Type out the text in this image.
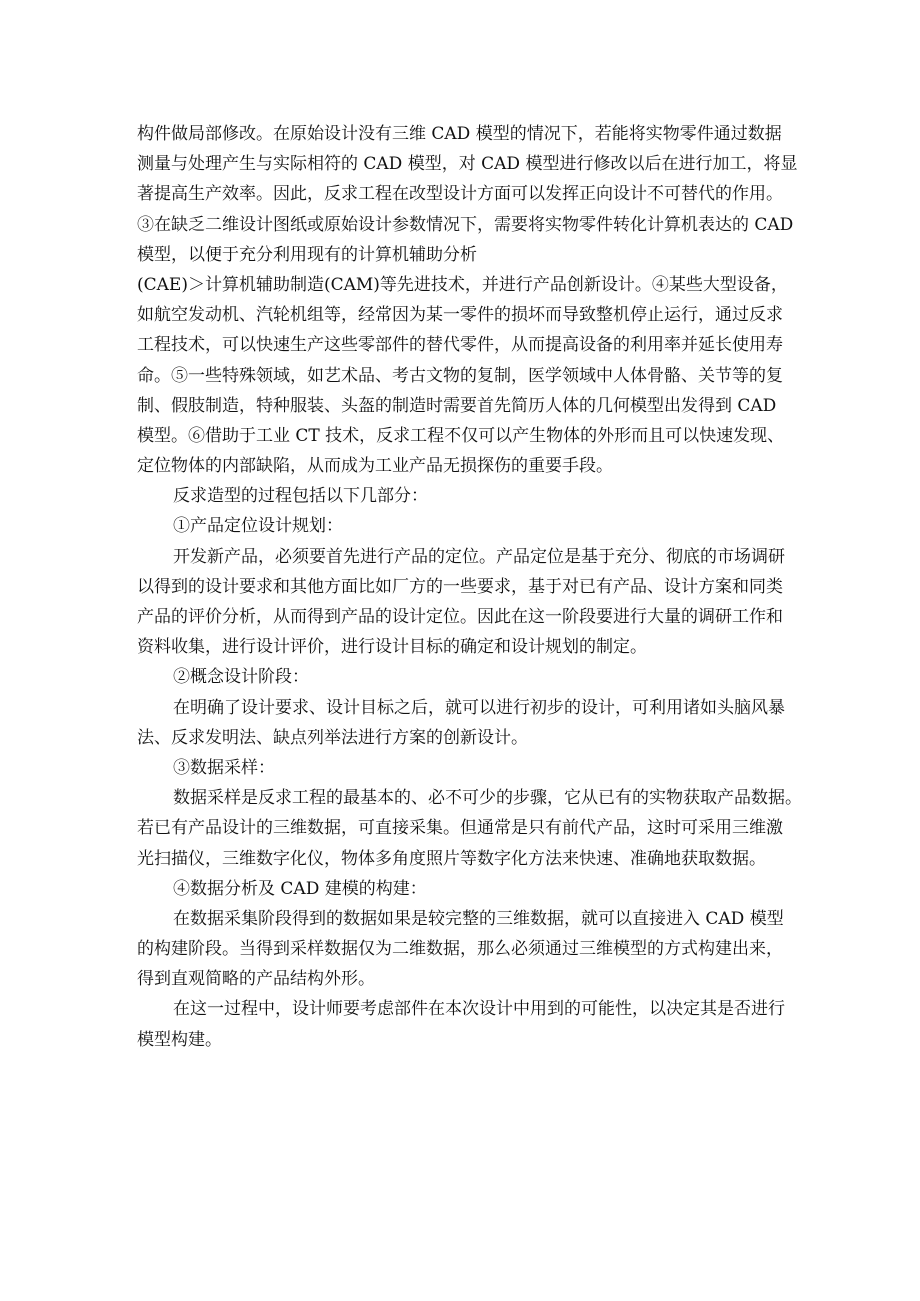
构件做局部修改。在原始设计没有三维 CAD 模型的情况下，若能将实物零件通过数据
测量与处理产生与实际相符的 CAD 模型，对 CAD 模型进行修改以后在进行加工，将显
著提高生产效率。因此，反求工程在改型设计方面可以发挥正向设计不可替代的作用。
③在缺乏二维设计图纸或原始设计参数情况下，需要将实物零件转化计算机表达的 CAD
模型，以便于充分利用现有的计算机辅助分析
(CAE)＞计算机辅助制造(CAM)等先进技术，并进行产品创新设计。④某些大型设备，
如航空发动机、汽轮机组等，经常因为某一零件的损坏而导致整机停止运行，通过反求
工程技术，可以快速生产这些零部件的替代零件，从而提高设备的利用率并延长使用寿
命。⑤一些特殊领域，如艺术品、考古文物的复制，医学领域中人体骨骼、关节等的复
制、假肢制造，特种服装、头盔的制造时需要首先简历人体的几何模型出发得到 CAD
模型。⑥借助于工业 CT 技术，反求工程不仅可以产生物体的外形而且可以快速发现、
定位物体的内部缺陷，从而成为工业产品无损探伤的重要手段。
反求造型的过程包括以下几部分：
①产品定位设计规划：
开发新产品，必须要首先进行产品的定位。产品定位是基于充分、彻底的市场调研
以得到的设计要求和其他方面比如厂方的一些要求，基于对已有产品、设计方案和同类
产品的评价分析，从而得到产品的设计定位。因此在这一阶段要进行大量的调研工作和
资料收集，进行设计评价，进行设计目标的确定和设计规划的制定。
②概念设计阶段：
在明确了设计要求、设计目标之后，就可以进行初步的设计，可利用诸如头脑风暴
法、反求发明法、缺点列举法进行方案的创新设计。
③数据采样：
数据采样是反求工程的最基本的、必不可少的步骤，它从已有的实物获取产品数据。
若已有产品设计的三维数据，可直接采集。但通常是只有前代产品，这时可采用三维激
光扫描仪，三维数字化仪，物体多角度照片等数字化方法来快速、准确地获取数据。
④数据分析及 CAD 建模的构建：
在数据采集阶段得到的数据如果是较完整的三维数据，就可以直接进入 CAD 模型
的构建阶段。当得到采样数据仅为二维数据，那么必须通过三维模型的方式构建出来，
得到直观简略的产品结构外形。
在这一过程中，设计师要考虑部件在本次设计中用到的可能性，以决定其是否进行
模型构建。
